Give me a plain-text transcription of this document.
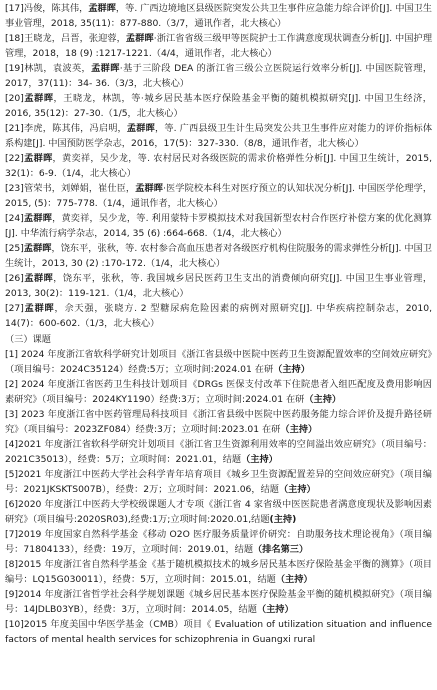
[17]冯俊，陈其伟，孟群晖，等. 广西边境地区县级医院突发公共卫生事件应急能力综合评价[J]. 中国卫生事业管理，2018, 35(11)：877-880.（3/7，通讯作者，北大核心）

[18]王晓龙，吕晋，张迎蓉，孟群晖·浙江省省级三级甲等医院护士工作满意度现状调查分析[J]. 中国护理管理，2018，18 (9) :1217-1221.（4/4，通讯作者，北大核心）

[19]林凯，袁波英，孟群晖·基于三阶段 DEA 的浙江省三级公立医院运行效率分析[J]. 中国医院管理，2017，37(11)：34- 36.（3/3，北大核心）

[20]孟群晖，王晓龙，林凯，等·城乡居民基本医疗保险基金平衡的随机模拟研究[J]. 中国卫生经济，2016, 35(12)：27-30.（1/5，北大核心）

[21]李虎，陈其伟，冯启明，孟群晖，等. 广西县级卫生计生局突发公共卫生事件应对能力的评价指标体系构建[J]. 中国预防医学杂志，2016，17(5)：327-330.（8/8，通讯作者，北大核心）

[22]孟群晖，黄奕祥，吴少龙，等. 农村居民对各级医院的需求价格弹性分析[J]. 中国卫生统计，2015, 32(1)：6-9.（1/4，北大核心）

[23]管荣书，刘婵娟，崔仕臣，孟群晖·医学院校本科生对医疗预立的认知状况分析[J]. 中国医学伦理学，2015, (5)：775-778.（1/4，通讯作者，北大核心）

[24]孟群晖，黄奕祥，吴少龙，等. 利用蒙特卡罗模拟技术对我国新型农村合作医疗补偿方案的优化测算 [J]. 中华流行病学杂志，2014, 35 (6) :664-668.（1/4，北大核心）

[25]孟群晖，饶东平，张秋，等. 农村参合高血压患者对各级医疗机构住院服务的需求弹性分析[J]. 中国卫生统计，2013, 30 (2) :170-172.（1/4，北大核心）

[26]孟群晖，饶东平，张秋，等. 我国城乡居民医药卫生支出的消费倾向研究[J]. 中国卫生事业管理，2013, 30(2)：119-121.（1/4，北大核心）

[27]孟群晖，佘天强，张晓方. 2 型糖尿病危险因素的病例对照研究[J]. 中华疾病控制杂志，2010, 14(7)：600-602.（1/3，北大核心）

（三）课题

[1] 2024 年度浙江省软科学研究计划项目《浙江省县级中医院中医药卫生资源配置效率的空间效应研究》（项目编号：2024C35124）经费:5万；立项时间:2024.01 在研（主持）

[2] 2024 年度浙江省医药卫生科技计划项目《DRGs 医保支付改革下住院患者入组匹配度及费用影响因素研究》（项目编号：2024KY1190）经费:3万；立项时间:2024.01 在研（主持）

[3] 2023 年度浙江省中医药管理局科技项目《浙江省县级中医院中医药服务能力综合评价及提升路径研究》（项目编号：2023ZF084）经费:3万；立项时间:2023.01 在研（主持）

[4]2021 年度浙江省软科学研究计划项目《浙江省卫生资源利用效率的空间溢出效应研究》（项目编号：2021C35013），经费：5万；立项时间：2021.01，结题（主持）

[5]2021 年度浙江中医药大学社会科学青年培育项目《城乡卫生资源配置差异的空间效应研究》（项目编号：2021JKSKTS007B），经费：2万；立项时间：2021.06，结题（主持）

[6]2020 年度浙江中医药大学校级课题人才专项《浙江省 4 家省级中医医院患者满意度现状及影响因素研究》（项目编号:2020SR03),经费:1万;立项时间:2020.01,结题(主持)

[7]2019 年度国家自然科学基金《移动 O2O 医疗服务质量评价研究：自助服务技术理论视角》（项目编号：71804133），经费：19万，立项时间：2019.01，结题（排名第三）

[8]2015 年度浙江省自然科学基金《基于随机模拟技术的城乡居民基本医疗保险基金平衡的测算》（项目编号：LQ15G030011），经费：5万，立项时间：2015.01，结题（主持）

[9]2014 年度浙江省哲学社会科学规划课题《城乡居民基本医疗保险基金平衡的随机模拟研究》（项目编号：14JDLB03YB），经费：3万，立项时间：2014.05，结题（主持）

[10]2015 年度美国中华医学基金（CMB）项目《 Evaluation of utilization situation and influence factors of mental health services for schizophrenia in Guangxi rural
